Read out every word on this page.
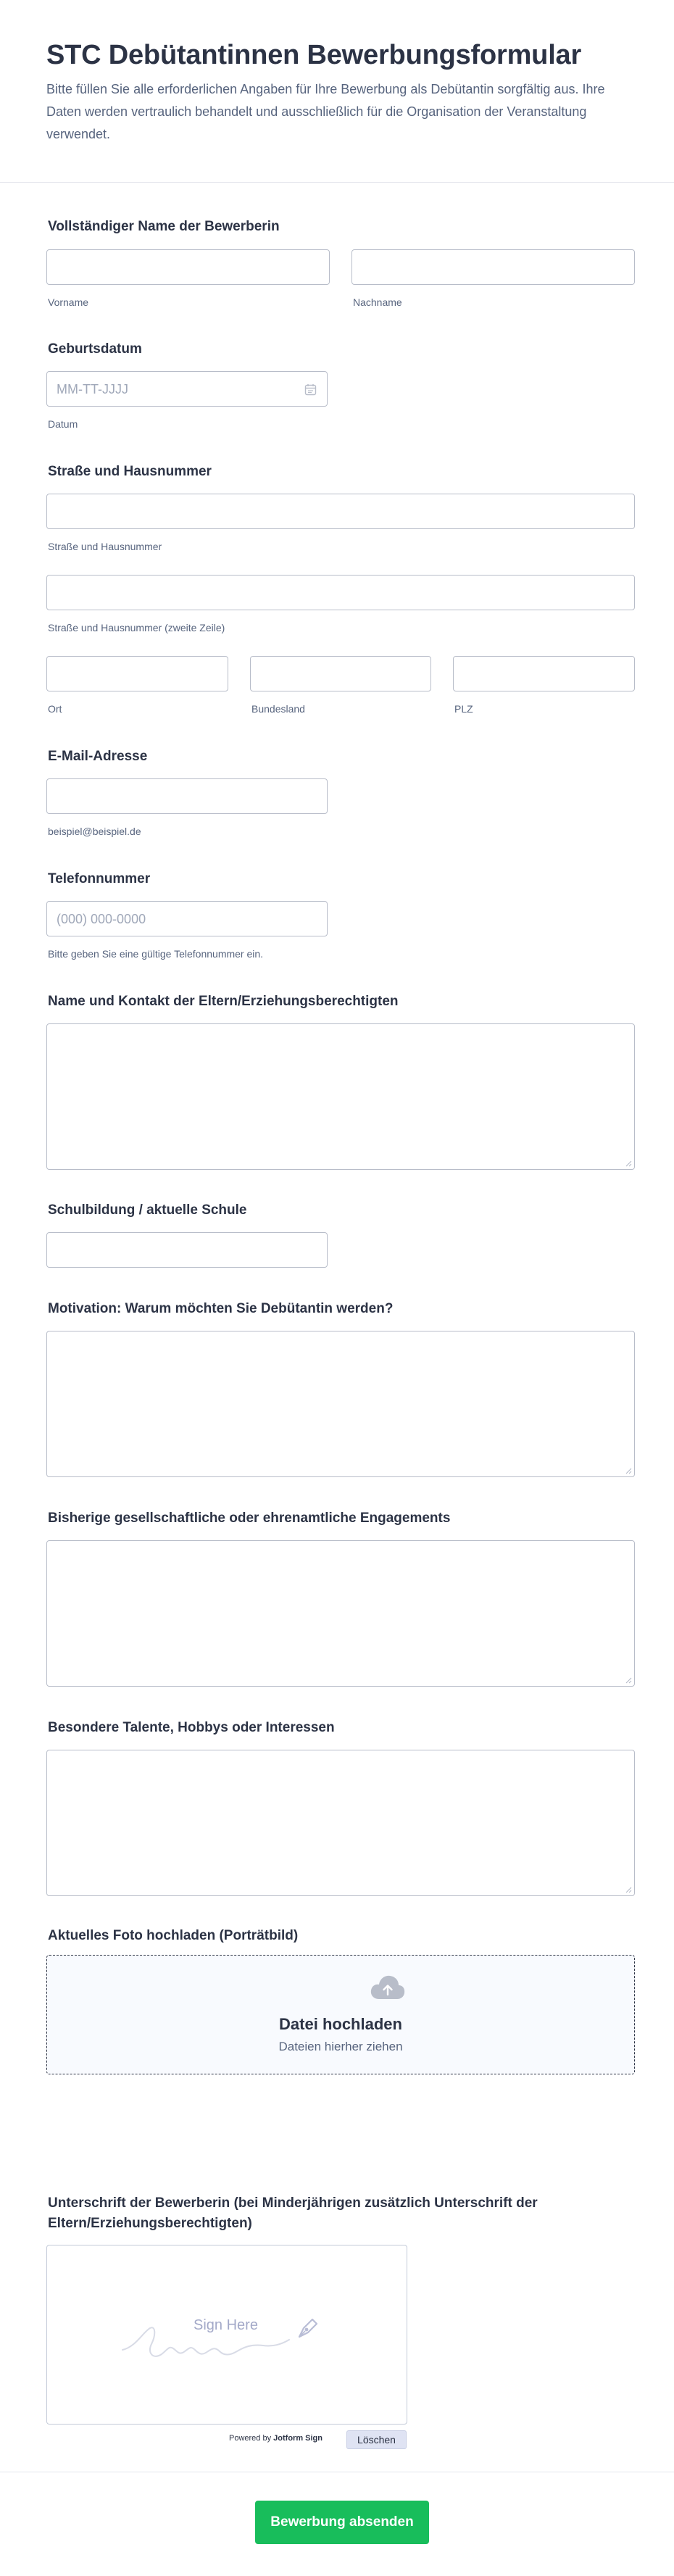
STC Debütantinnen Bewerbungsformular

Bitte füllen Sie alle erforderlichen Angaben für Ihre Bewerbung als Debütantin sorgfältig aus. Ihre Daten werden vertraulich behandelt und ausschließlich für die Organisation der Veranstaltung verwendet.

Vollständiger Name der Bewerberin
Vorname	Nachname
Geburtsdatum
MM-TT-JJJJ
Datum
Straße und Hausnummer
Straße und Hausnummer
Straße und Hausnummer (zweite Zeile)
Ort	Bundesland	PLZ
E-Mail-Adresse
beispiel@beispiel.de
Telefonnummer
(000) 000-0000
Bitte geben Sie eine gültige Telefonnummer ein.
Name und Kontakt der Eltern/Erziehungsberechtigten
Schulbildung / aktuelle Schule
Motivation: Warum möchten Sie Debütantin werden?
Bisherige gesellschaftliche oder ehrenamtliche Engagements
Besondere Talente, Hobbys oder Interessen
Aktuelles Foto hochladen (Porträtbild)
Datei hochladen
Dateien hierher ziehen
Unterschrift der Bewerberin (bei Minderjährigen zusätzlich Unterschrift der Eltern/Erziehungsberechtigten)
Sign Here
Powered by Jotform Sign	Löschen
Bewerbung absenden
